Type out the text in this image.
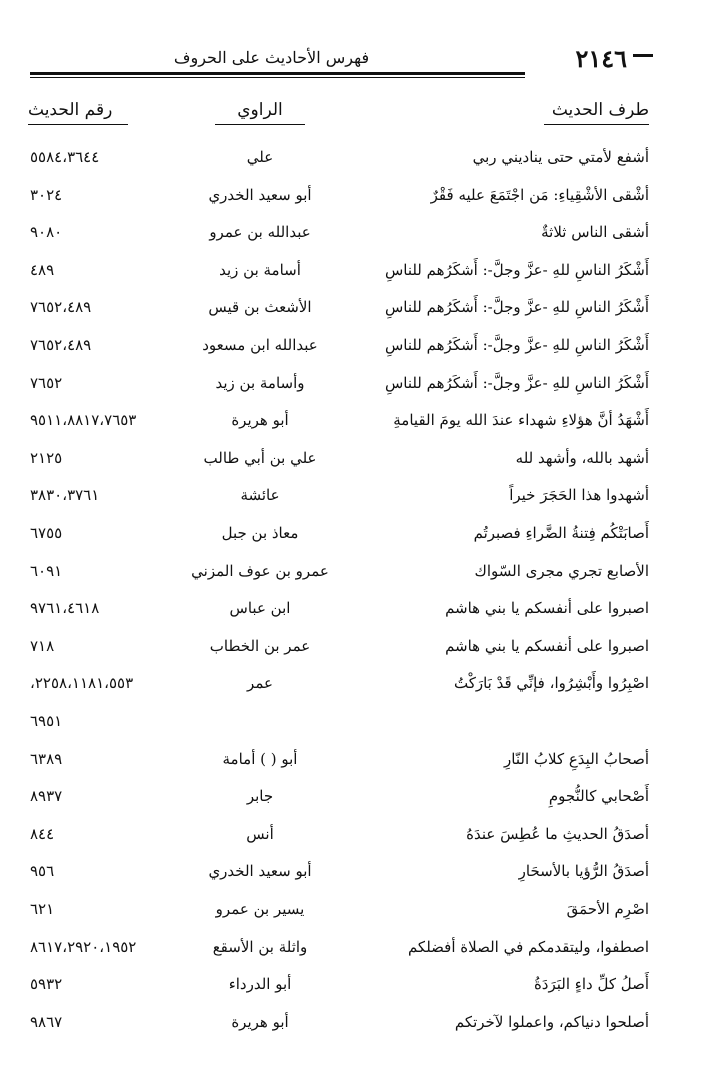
٢١٤٦
فهرس الأحاديث على الحروف
طرف الحديث
الراوي
رقم الحديث
أشفع لأمتي حتى يناديني ربي
علي
٥٥٨٤،٣٦٤٤
أشْقى الأشْقِياءِ: مَن اجْتَمَعَ عليه فَقْرٌ
أبو سعيد الخدري
٣٠٢٤
أشقى الناس ثلاثةٌ
عبدالله بن عمرو
٩٠٨٠
أَشْكَرُ الناسِ للهِ -عزَّ وجلَّ-: أَشكَرُهم للناسِ
أسامة بن زيد
٤٨٩
أَشْكَرُ الناسِ للهِ -عزَّ وجلَّ-: أَشكَرُهم للناسِ
الأشعث بن قيس
٧٦٥٢،٤٨٩
أَشْكَرُ الناسِ للهِ -عزَّ وجلَّ-: أَشكَرُهم للناسِ
عبدالله ابن مسعود
٧٦٥٢،٤٨٩
أَشْكَرُ الناسِ للهِ -عزَّ وجلَّ-: أَشكَرُهم للناسِ
وأسامة بن زيد
٧٦٥٢
أَشْهَدُ أنَّ هؤلاءِ شهداء عندَ الله يومَ القيامةِ
أبو هريرة
٩٥١١،٨٨١٧،٧٦٥٣
أشهد بالله، وأشهد لله
علي بن أبي طالب
٢١٢٥
أشهدوا هذا الحَجَرَ خيراً
عائشة
٣٨٣٠،٣٧٦١
أَصابَتْكُم فِتنةُ الضَّراءِ فصبرتُم
معاذ بن جبل
٦٧٥٥
الأصابع تجري مجرى السّواك
عمرو بن عوف المزني
٦٠٩١
اصبروا على أنفسكم يا بني هاشم
ابن عباس
٩٧٦١،٤٦١٨
اصبروا على أنفسكم يا بني هاشم
عمر بن الخطاب
٧١٨
اصْبِرُوا وأَبْشِرُوا، فإنِّي قَدْ بَارَكْتُ
عمر
٢٢٥٨،١١٨١،٥٥٣،
٦٩٥١
أصحابُ البِدَعِ كلابُ النّارِ
أبو ( ) أمامة
٦٣٨٩
أَصْحابي كالنُّجومِ
جابر
٨٩٣٧
أصدَقُ الحديثِ ما عُطِسَ عندَهُ
أنس
٨٤٤
أصدَقُ الرُّؤيا بالأسحَارِ
أبو سعيد الخدري
٩٥٦
اصْرِم الأحمَقَ
يسير بن عمرو
٦٢١
اصطفوا، وليتقدمكم في الصلاة أفضلكم
واثلة بن الأسقع
٨٦١٧،٢٩٢٠،١٩٥٢
أَصلُ كلِّ داءٍ البَرَدَةُ
أبو الدرداء
٥٩٣٢
أصلحوا دنياكم، واعملوا لآخرتكم
أبو هريرة
٩٨٦٧
